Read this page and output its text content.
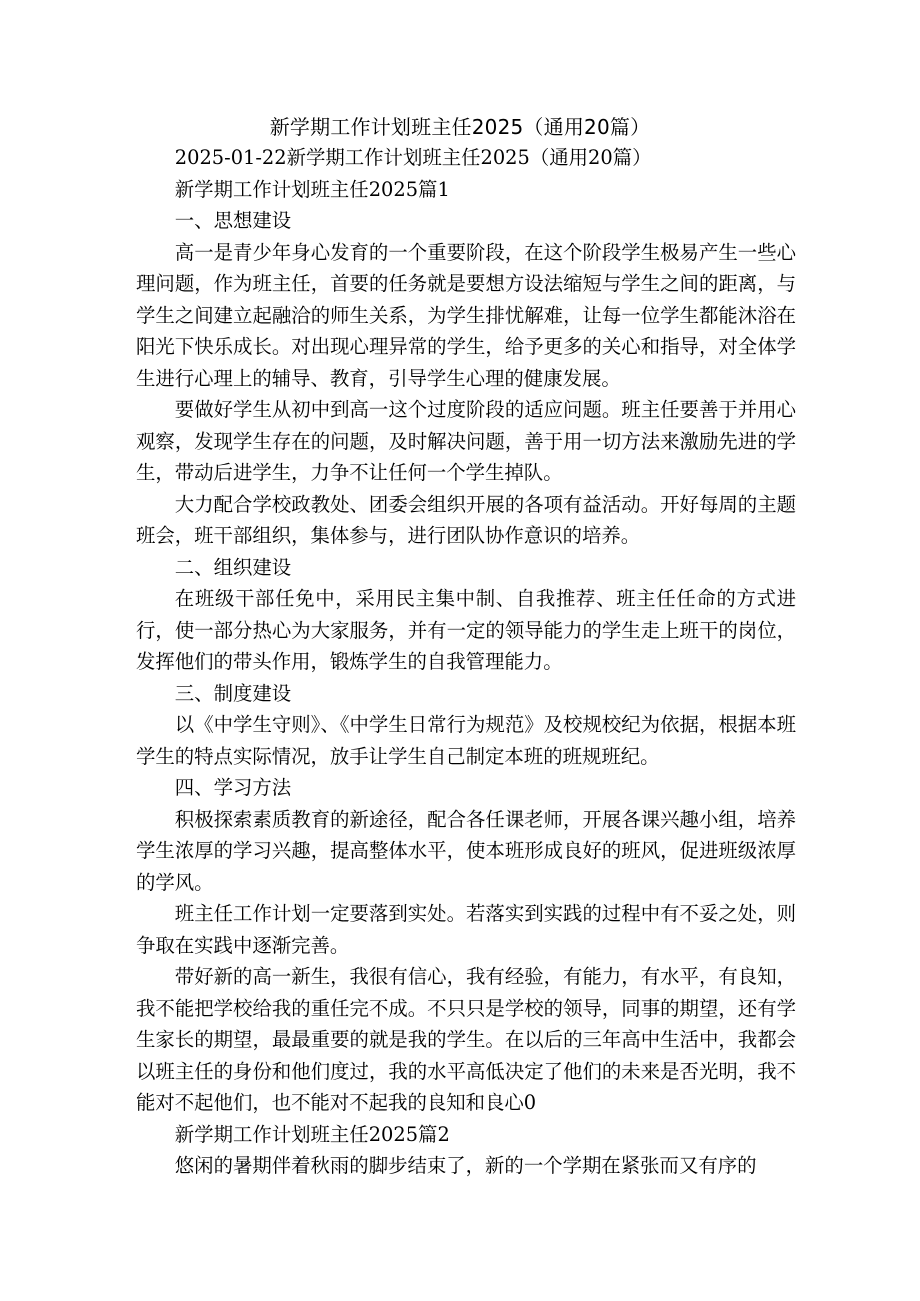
新学期工作计划班主任2025（通用20篇）

2025-01-22新学期工作计划班主任2025（通用20篇）

新学期工作计划班主任2025篇1

一、思想建设

高一是青少年身心发育的一个重要阶段，在这个阶段学生极易产生一些心理问题，作为班主任，首要的任务就是要想方设法缩短与学生之间的距离，与学生之间建立起融洽的师生关系，为学生排忧解难，让每一位学生都能沐浴在阳光下快乐成长。对出现心理异常的学生，给予更多的关心和指导，对全体学生进行心理上的辅导、教育，引导学生心理的健康发展。

要做好学生从初中到高一这个过度阶段的适应问题。班主任要善于并用心观察，发现学生存在的问题，及时解决问题，善于用一切方法来激励先进的学生，带动后进学生，力争不让任何一个学生掉队。

大力配合学校政教处、团委会组织开展的各项有益活动。开好每周的主题班会，班干部组织，集体参与，进行团队协作意识的培养。

二、组织建设

在班级干部任免中，采用民主集中制、自我推荐、班主任任命的方式进行，使一部分热心为大家服务，并有一定的领导能力的学生走上班干的岗位，发挥他们的带头作用，锻炼学生的自我管理能力。

三、制度建设

以《中学生守则》、《中学生日常行为规范》及校规校纪为依据，根据本班学生的特点实际情况，放手让学生自己制定本班的班规班纪。

四、学习方法

积极探索素质教育的新途径，配合各任课老师，开展各课兴趣小组，培养学生浓厚的学习兴趣，提高整体水平，使本班形成良好的班风，促进班级浓厚的学风。

班主任工作计划一定要落到实处。若落实到实践的过程中有不妥之处，则争取在实践中逐渐完善。

带好新的高一新生，我很有信心，我有经验，有能力，有水平，有良知，我不能把学校给我的重任完不成。不只只是学校的领导，同事的期望，还有学生家长的期望，最最重要的就是我的学生。在以后的三年高中生活中，我都会以班主任的身份和他们度过，我的水平高低决定了他们的未来是否光明，我不能对不起他们，也不能对不起我的良知和良心0

新学期工作计划班主任2025篇2

悠闲的暑期伴着秋雨的脚步结束了，新的一个学期在紧张而又有序的
